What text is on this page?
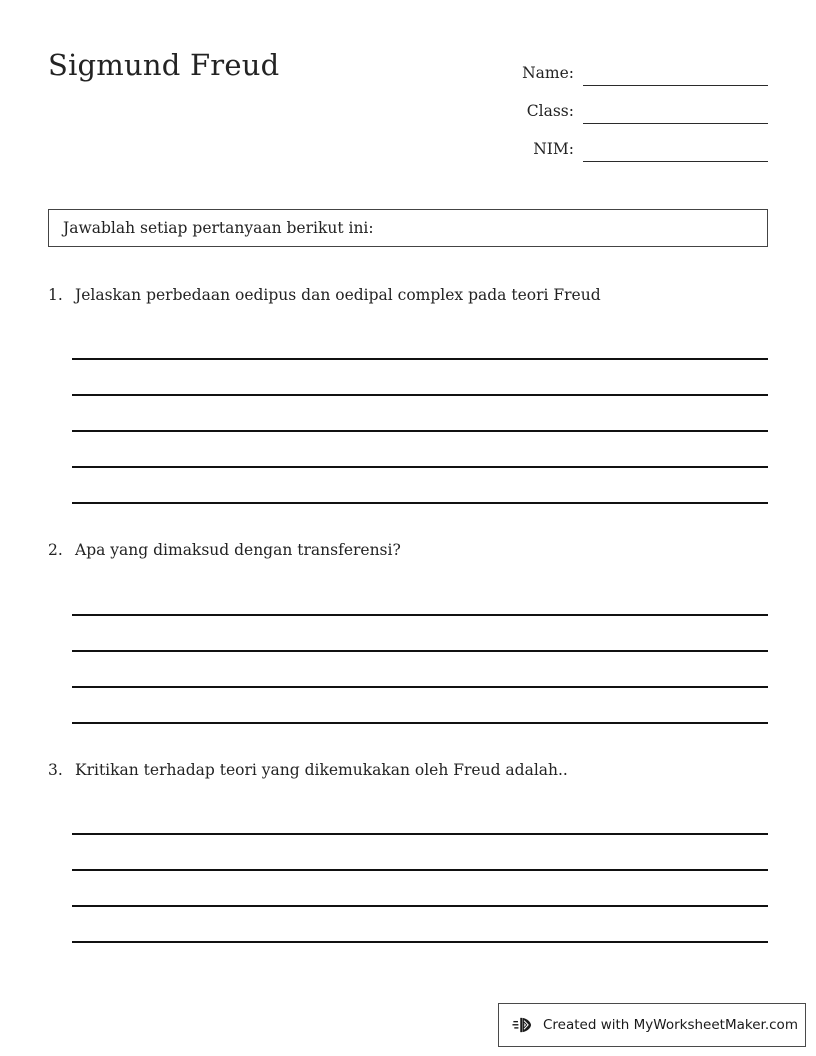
Sigmund Freud	Name:
Class:
NIM:
Jawablah setiap pertanyaan berikut ini:
1. Jelaskan perbedaan oedipus dan oedipal complex pada teori Freud
2. Apa yang dimaksud dengan transferensi?
3. Kritikan terhadap teori yang dikemukakan oleh Freud adalah..
Created with MyWorksheetMaker.com
